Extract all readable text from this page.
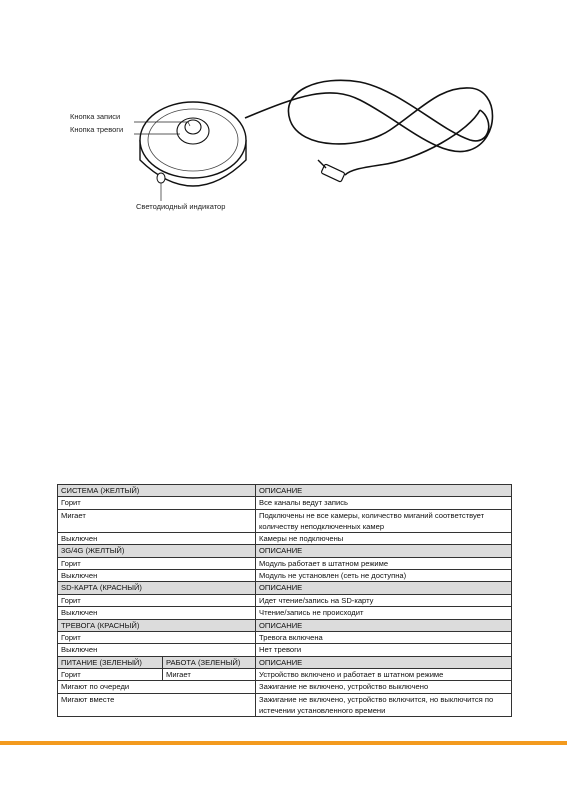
Кнопка записи
Кнопка тревоги
Светодиодный индикатор
СИСТЕМА (ЖЕЛТЫЙ)		ОПИСАНИЕ
Горит		Все каналы ведут запись
Мигает		Подключены не все камеры, количество миганий соответствует количеству неподключенных камер
Выключен		Камеры не подключены
3G/4G (ЖЕЛТЫЙ)		ОПИСАНИЕ
Горит		Модуль работает в штатном режиме
Выключен		Модуль не установлен (сеть не доступна)
SD-КАРТА (КРАСНЫЙ)		ОПИСАНИЕ
Горит		Идет чтение/запись на SD-карту
Выключен		Чтение/запись не происходит
ТРЕВОГА (КРАСНЫЙ)		ОПИСАНИЕ
Горит		Тревога включена
Выключен		Нет тревоги
ПИТАНИЕ (ЗЕЛЕНЫЙ)	РАБОТА (ЗЕЛЕНЫЙ)	ОПИСАНИЕ
Горит	Мигает	Устройство включено и работает в штатном режиме
Мигают по очереди		Зажигание не включено, устройство выключено
Мигают вместе		Зажигание не включено, устройство включится, но выключится по истечении установленного времени
